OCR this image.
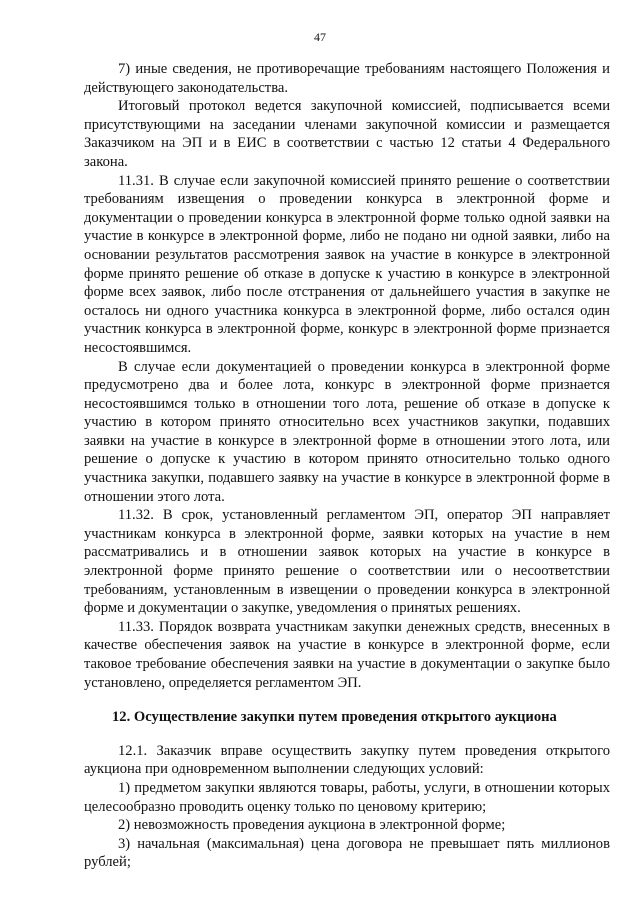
47

7) иные сведения, не противоречащие требованиям настоящего Положения и действующего законодательства.

Итоговый протокол ведется закупочной комиссией, подписывается всеми присутствующими на заседании членами закупочной комиссии и размещается Заказчиком на ЭП и в ЕИС в соответствии с частью 12 статьи 4 Федерального закона.

11.31. В случае если закупочной комиссией принято решение о соответствии требованиям извещения о проведении конкурса в электронной форме и документации о проведении конкурса в электронной форме только одной заявки на участие в конкурсе в электронной форме, либо не подано ни одной заявки, либо на основании результатов рассмотрения заявок на участие в конкурсе в электронной форме принято решение об отказе в допуске к участию в конкурсе в электронной форме всех заявок, либо после отстранения от дальнейшего участия в закупке не осталось ни одного участника конкурса в электронной форме, либо остался один участник конкурса в электронной форме, конкурс в электронной форме признается несостоявшимся.

В случае если документацией о проведении конкурса в электронной форме предусмотрено два и более лота, конкурс в электронной форме признается несостоявшимся только в отношении того лота, решение об отказе в допуске к участию в котором принято относительно всех участников закупки, подавших заявки на участие в конкурсе в электронной форме в отношении этого лота, или решение о допуске к участию в котором принято относительно только одного участника закупки, подавшего заявку на участие в конкурсе в электронной форме в отношении этого лота.

11.32. В срок, установленный регламентом ЭП, оператор ЭП направляет участникам конкурса в электронной форме, заявки которых на участие в нем рассматривались и в отношении заявок которых на участие в конкурсе в электронной форме принято решение о соответствии или о несоответствии требованиям, установленным в извещении о проведении конкурса в электронной форме и документации о закупке, уведомления о принятых решениях.

11.33. Порядок возврата участникам закупки денежных средств, внесенных в качестве обеспечения заявок на участие в конкурсе в электронной форме, если таковое требование обеспечения заявки на участие в документации о закупке было установлено, определяется регламентом ЭП.

12. Осуществление закупки путем проведения открытого аукциона

12.1. Заказчик вправе осуществить закупку путем проведения открытого аукциона при одновременном выполнении следующих условий:

1) предметом закупки являются товары, работы, услуги, в отношении которых целесообразно проводить оценку только по ценовому критерию;

2) невозможность проведения аукциона в электронной форме;

3) начальная (максимальная) цена договора не превышает пять миллионов рублей;
